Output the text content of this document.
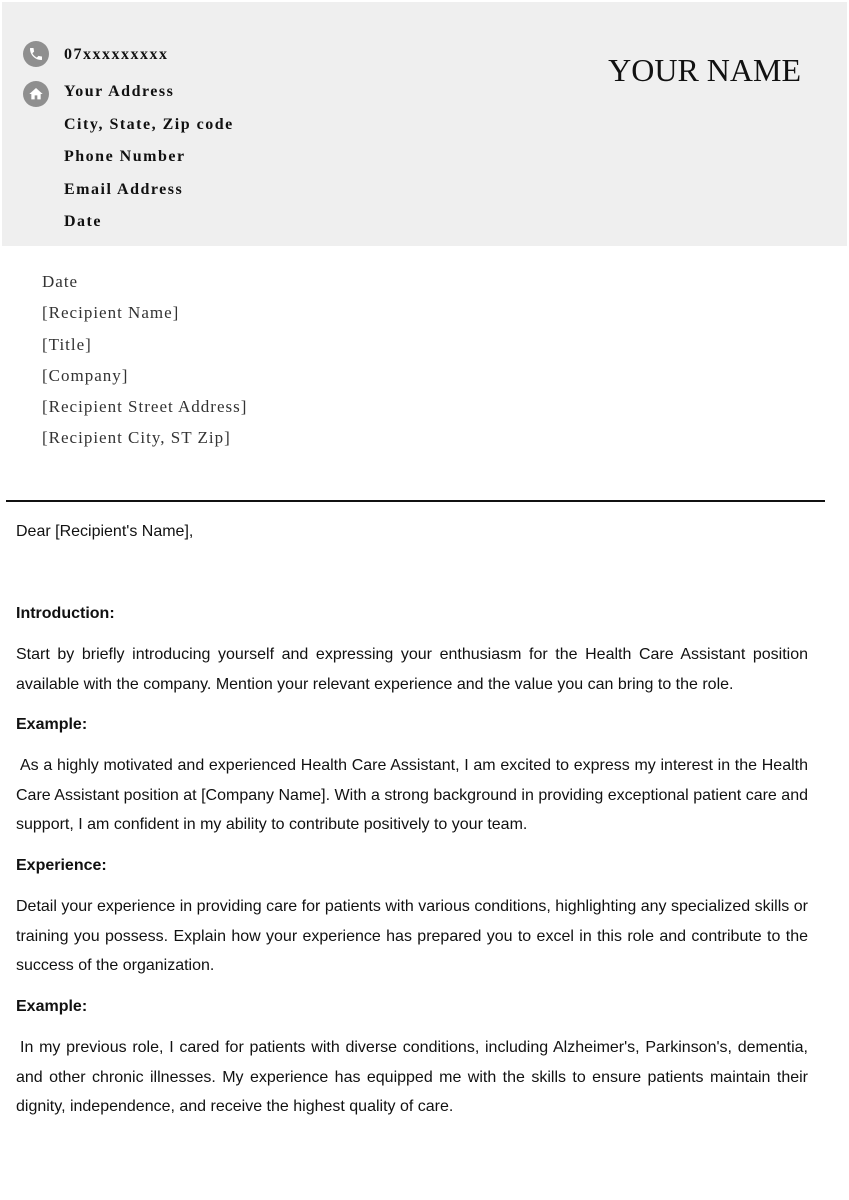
07xxxxxxxxx
Your Address
City, State, Zip code
Phone Number
Email Address
Date
YOUR NAME
Date
[Recipient Name]
[Title]
[Company]
[Recipient Street Address]
[Recipient City, ST Zip]
Dear [Recipient's Name],
Introduction:

Start by briefly introducing yourself and expressing your enthusiasm for the Health Care Assistant position available with the company. Mention your relevant experience and the value you can bring to the role.

Example:

As a highly motivated and experienced Health Care Assistant, I am excited to express my interest in the Health Care Assistant position at [Company Name]. With a strong background in providing exceptional patient care and support, I am confident in my ability to contribute positively to your team.

Experience:

Detail your experience in providing care for patients with various conditions, highlighting any specialized skills or training you possess. Explain how your experience has prepared you to excel in this role and contribute to the success of the organization.

Example:

In my previous role, I cared for patients with diverse conditions, including Alzheimer's, Parkinson's, dementia, and other chronic illnesses. My experience has equipped me with the skills to ensure patients maintain their dignity, independence, and receive the highest quality of care.
